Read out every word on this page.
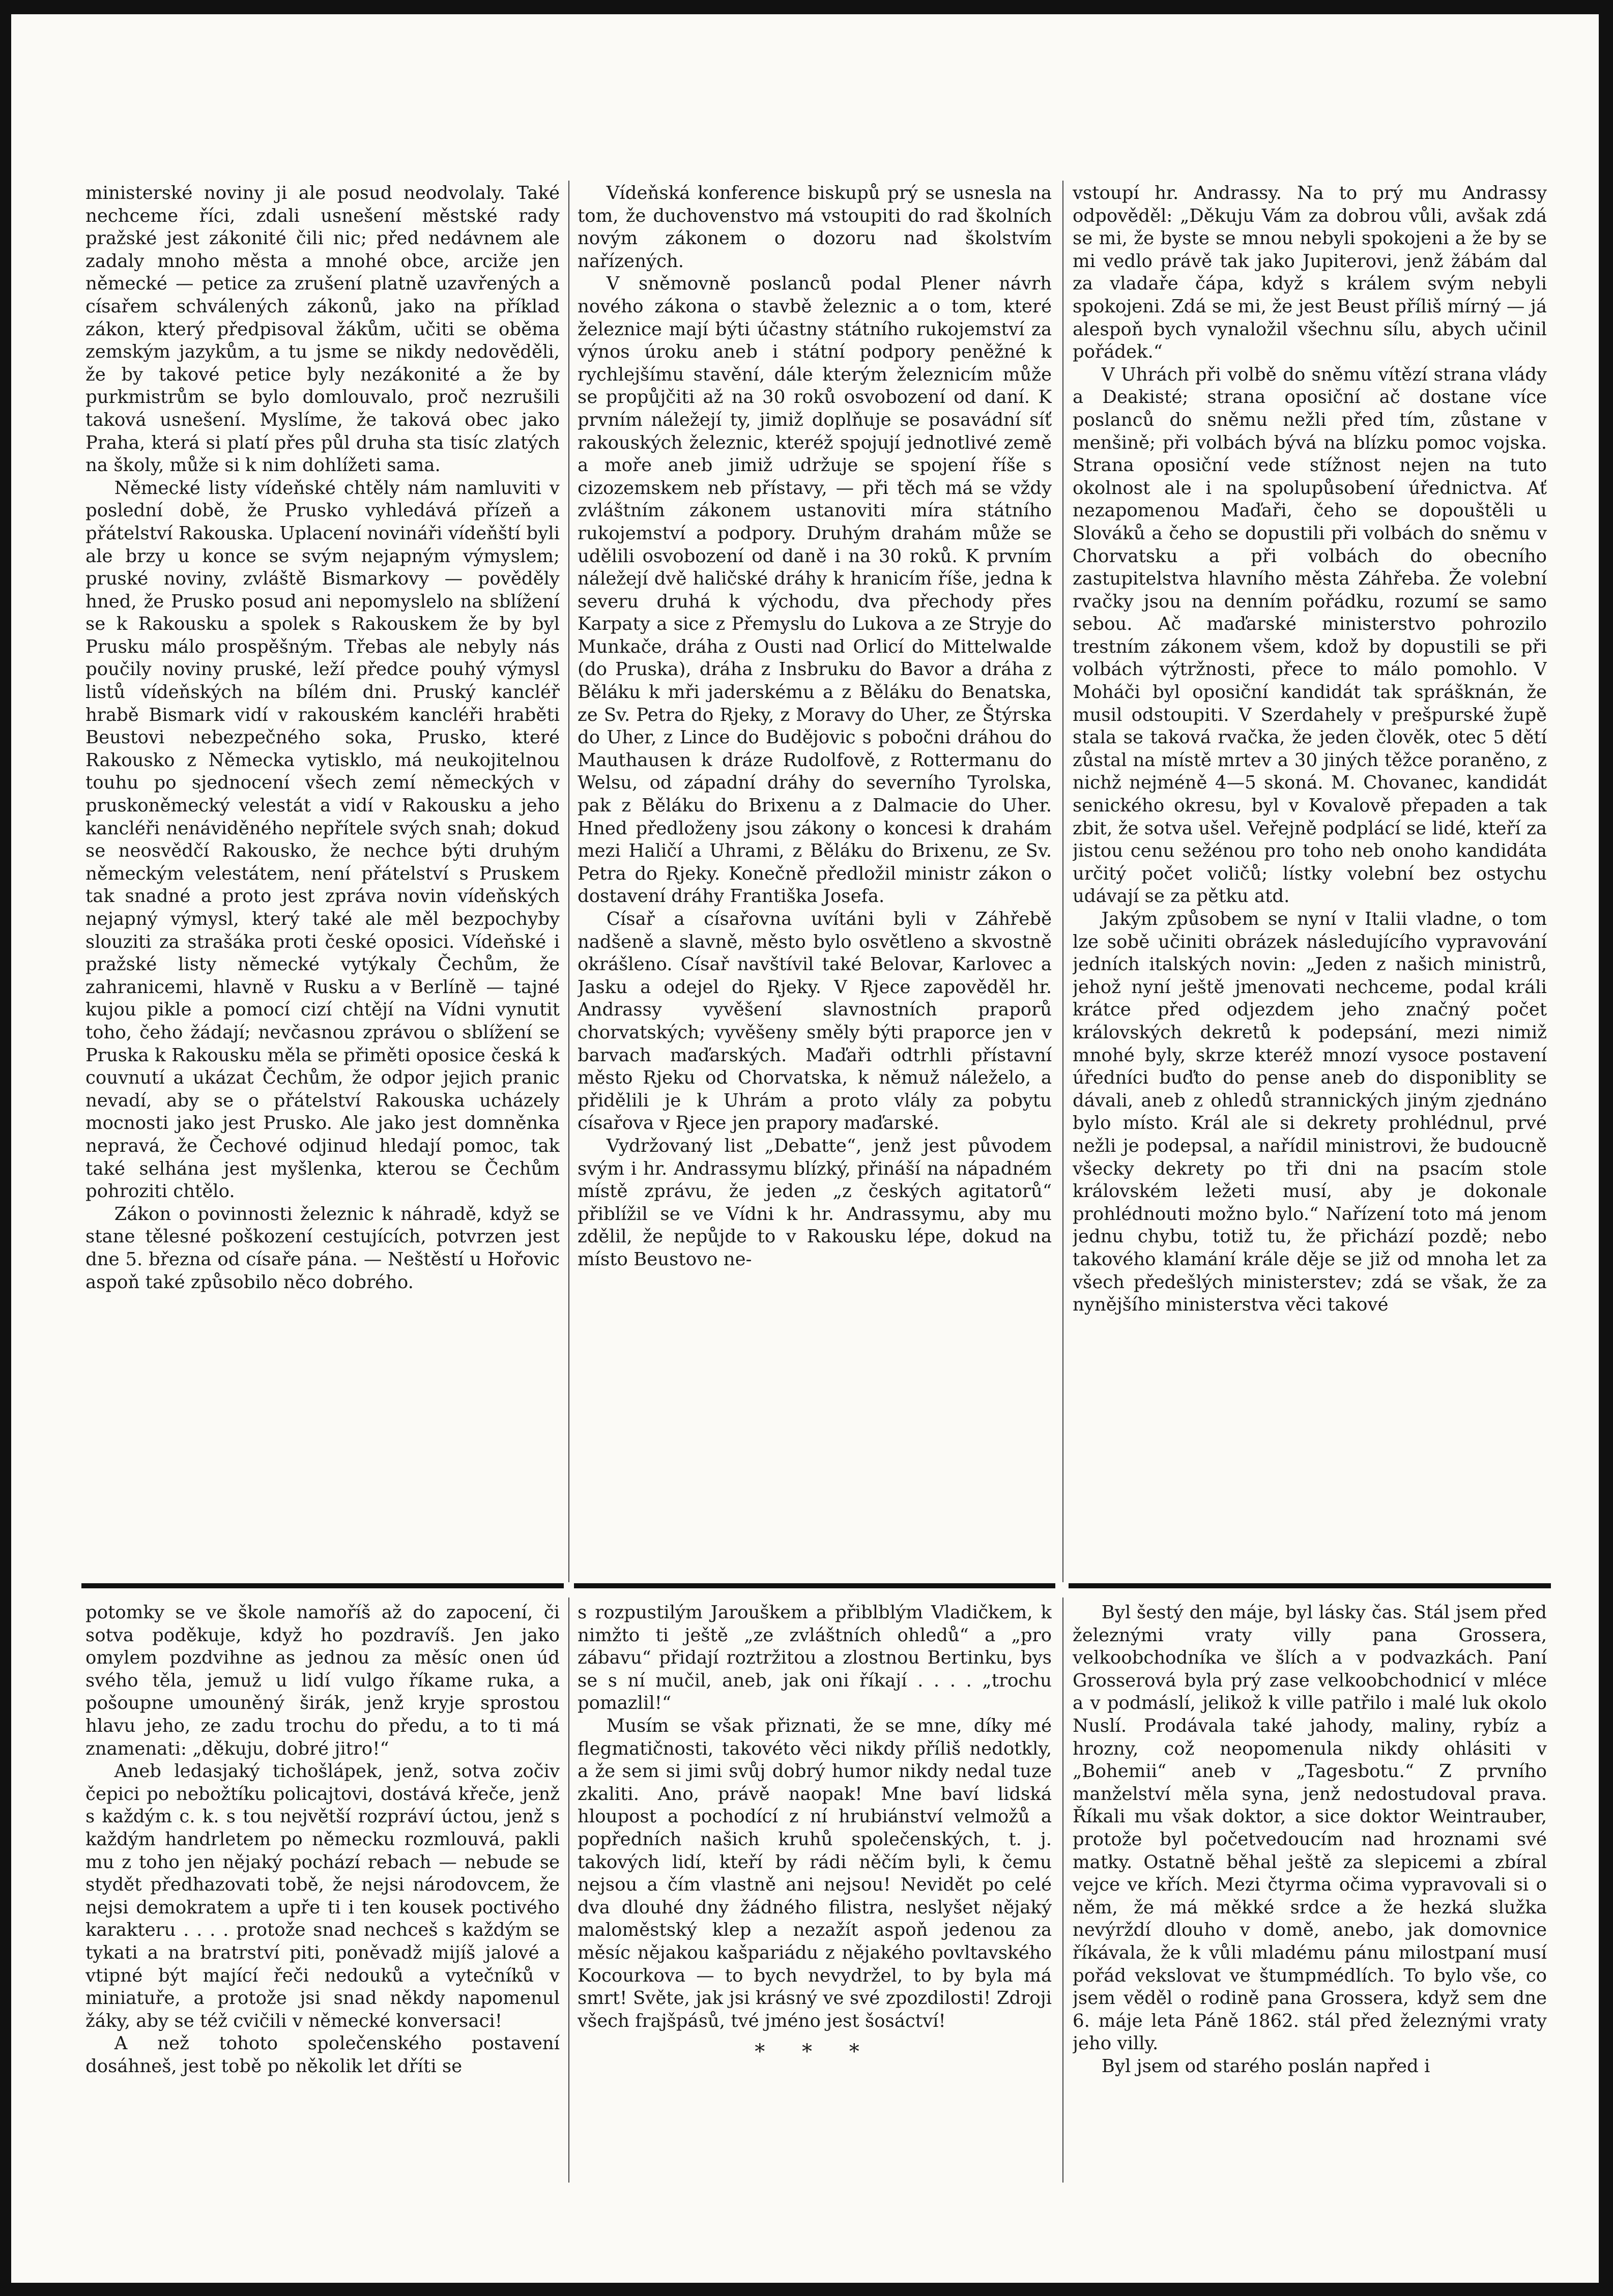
ministerské noviny ji ale posud neodvolaly. Také nechceme říci, zdali usnešení městské rady pražské jest zákonité čili nic; před nedávnem ale zadaly mnoho města a mnohé obce, arciže jen německé — petice za zrušení platně uzavřených a císařem schválených zákonů, jako na příklad zákon, který předpisoval žákům, učiti se oběma zemským jazykům, a tu jsme se nikdy nedověděli, že by takové petice byly nezákonité a že by purkmistrům se bylo domlouvalo, proč nezrušili taková usnešení. Myslíme, že taková obec jako Praha, která si platí přes půl druha sta tisíc zlatých na školy, může si k nim dohlížeti sama.

Německé listy vídeňské chtěly nám namluviti v poslední době, že Prusko vyhledává přízeň a přátelství Rakouska. Uplacení novináři vídeňští byli ale brzy u konce se svým nejapným výmyslem; pruské noviny, zvláště Bismarkovy — pověděly hned, že Prusko posud ani nepomyslelo na sblížení se k Rakousku a spolek s Rakouskem že by byl Prusku málo prospěšným. Třebas ale nebyly nás poučily noviny pruské, leží předce pouhý výmysl listů vídeňských na bílém dni. Pruský kancléř hrabě Bismark vidí v rakouském kancléři hraběti Beustovi nebezpečného soka, Prusko, které Rakousko z Německa vytisklo, má neukojitelnou touhu po sjednocení všech zemí německých v pruskoněmecký velestát a vidí v Rakousku a jeho kancléři nenáviděného nepřítele svých snah; dokud se neosvědčí Rakousko, že nechce býti druhým německým velestátem, není přátelství s Pruskem tak snadné a proto jest zpráva novin vídeňských nejapný výmysl, který také ale měl bezpochyby slouziti za strašáka proti české oposici. Vídeňské i pražské listy německé vytýkaly Čechům, že zahranicemi, hlavně v Rusku a v Berlíně — tajné kujou pikle a pomocí cizí chtějí na Vídni vynutit toho, čeho žádají; nevčasnou zprávou o sblížení se Pruska k Rakousku měla se přiměti oposice česká k couvnutí a ukázat Čechům, že odpor jejich pranic nevadí, aby se o přátelství Rakouska ucházely mocnosti jako jest Prusko. Ale jako jest domněnka nepravá, že Čechové odjinud hledají pomoc, tak také selhána jest myšlenka, kterou se Čechům pohroziti chtělo.

Zákon o povinnosti železnic k náhradě, když se stane tělesné poškození cestujících, potvrzen jest dne 5. března od císaře pána. — Neštěstí u Hořovic aspoň také způsobilo něco dobrého.

Vídeňská konference biskupů prý se usnesla na tom, že duchovenstvo má vstoupiti do rad školních novým zákonem o dozoru nad školstvím nařízených.

V sněmovně poslanců podal Plener návrh nového zákona o stavbě železnic a o tom, které železnice mají býti účastny státního rukojemství za výnos úroku aneb i státní podpory peněžné k rychlejšímu stavění, dále kterým železnicím může se propůjčiti až na 30 roků osvobození od daní. K prvním náležejí ty, jimiž doplňuje se posavádní síť rakouských železnic, kteréž spojují jednotlivé země a moře aneb jimiž udržuje se spojení říše s cizozemskem neb přístavy, — při těch má se vždy zvláštním zákonem ustanoviti míra státního rukojemství a podpory. Druhým drahám může se udělili osvobození od daně i na 30 roků. K prvním náležejí dvě haličské dráhy k hranicím říše, jedna k severu druhá k východu, dva přechody přes Karpaty a sice z Přemyslu do Lukova a ze Stryje do Munkače, dráha z Ousti nad Orlicí do Mittelwalde (do Pruska), dráha z Insbruku do Bavor a dráha z Běláku k mři jaderskému a z Běláku do Benatska, ze Sv. Petra do Rjeky, z Moravy do Uher, ze Štýrska do Uher, z Lince do Budějovic s pobočni dráhou do Mauthausen k dráze Rudolfově, z Rottermanu do Welsu, od západní dráhy do severního Tyrolska, pak z Běláku do Brixenu a z Dalmacie do Uher. Hned předloženy jsou zákony o koncesi k drahám mezi Haličí a Uhrami, z Běláku do Brixenu, ze Sv. Petra do Rjeky. Konečně předložil ministr zákon o dostavení dráhy Františka Josefa.

Císař a císařovna uvítáni byli v Záhřebě nadšeně a slavně, město bylo osvětleno a skvostně okrášleno. Císař navštívil také Belovar, Karlovec a Jasku a odejel do Rjeky. V Rjece zapověděl hr. Andrassy vyvěšení slavnostních praporů chorvatských; vyvěšeny směly býti praporce jen v barvach maďarských. Maďaři odtrhli přístavní město Rjeku od Chorvatska, k němuž náleželo, a přidělili je k Uhrám a proto vlály za pobytu císařova v Rjece jen prapory maďarské.

Vydržovaný list „Debatte“, jenž jest původem svým i hr. Andrassymu blízký, přináší na nápadném místě zprávu, že jeden „z českých agitatorů“ přiblížil se ve Vídni k hr. Andrassymu, aby mu zdělil, že nepůjde to v Rakousku lépe, dokud na místo Beustovo ne-

vstoupí hr. Andrassy. Na to prý mu Andrassy odpověděl: „Děkuju Vám za dobrou vůli, avšak zdá se mi, že byste se mnou nebyli spokojeni a že by se mi vedlo právě tak jako Jupiterovi, jenž žábám dal za vladaře čápa, když s králem svým nebyli spokojeni. Zdá se mi, že jest Beust příliš mírný — já alespoň bych vynaložil všechnu sílu, abych učinil pořádek.“

V Uhrách při volbě do sněmu vítězí strana vlády a Deakisté; strana oposiční ač dostane více poslanců do sněmu nežli před tím, zůstane v menšině; při volbách bývá na blízku pomoc vojska. Strana oposiční vede stížnost nejen na tuto okolnost ale i na spolupůsobení úřednictva. Ať nezapomenou Maďaři, čeho se dopouštěli u Slováků a čeho se dopustili při volbách do sněmu v Chorvatsku a při volbách do obecního zastupitelstva hlavního města Záhřeba. Že volební rvačky jsou na denním pořádku, rozumí se samo sebou. Ač maďarské ministerstvo pohrozilo trestním zákonem všem, kdož by dopustili se při volbách výtržnosti, přece to málo pomohlo. V Moháči byl oposiční kandidát tak sprášknán, že musil odstoupiti. V Szerdahely v prešpurské župě stala se taková rvačka, že jeden člověk, otec 5 dětí zůstal na místě mrtev a 30 jiných těžce poraněno, z nichž nejméně 4—5 skoná. M. Chovanec, kandidát senického okresu, byl v Kovalově přepaden a tak zbit, že sotva ušel. Veřejně podplácí se lidé, kteří za jistou cenu sežénou pro toho neb onoho kandidáta určitý počet voličů; lístky volební bez ostychu udávají se za pětku atd.

Jakým způsobem se nyní v Italii vladne, o tom lze sobě učiniti obrázek následujícího vypravování jedních italských novin: „Jeden z našich ministrů, jehož nyní ještě jmenovati nechceme, podal králi krátce před odjezdem jeho značný počet královských dekretů k podepsání, mezi nimiž mnohé byly, skrze kteréž mnozí vysoce postavení úředníci buďto do pense aneb do disponiblity se dávali, aneb z ohledů strannických jiným zjednáno bylo místo. Král ale si dekrety prohlédnul, prvé nežli je podepsal, a nařídil ministrovi, že budoucně všecky dekrety po tři dni na psacím stole královském ležeti musí, aby je dokonale prohlédnouti možno bylo.“ Nařízení toto má jenom jednu chybu, totiž tu, že přichází pozdě; nebo takového klamání krále děje se již od mnoha let za všech předešlých ministerstev; zdá se však, že za nynějšího ministerstva věci takové

potomky se ve škole namoříš až do zapocení, či sotva poděkuje, když ho pozdravíš. Jen jako omylem pozdvihne as jednou za měsíc onen úd svého těla, jemuž u lidí vulgo říkame ruka, a pošoupne umouněný širák, jenž kryje sprostou hlavu jeho, ze zadu trochu do předu, a to ti má znamenati: „děkuju, dobré jitro!“

Aneb ledasjaký tichošlápek, jenž, sotva zočiv čepici po nebožtíku policajtovi, dostává křeče, jenž s každým c. k. s tou největší rozpráví úctou, jenž s každým handrletem po německu rozmlouvá, pakli mu z toho jen nějaký pochází rebach — nebude se stydět předhazovati tobě, že nejsi národovcem, že nejsi demokratem a upře ti i ten kousek poctivého karakteru . . . . protože snad nechceš s každým se tykati a na bratrství piti, poněvadž mijíš jalové a vtipné být mající řeči nedouků a vytečníků v miniatuře, a protože jsi snad někdy napomenul žáky, aby se též cvičili v německé konversaci!

A než tohoto společenského postavení dosáhneš, jest tobě po několik let dříti se

s rozpustilým Jarouškem a přiblblým Vladičkem, k nimžto ti ještě „ze zvláštních ohledů“ a „pro zábavu“ přidají roztržitou a zlostnou Bertinku, bys se s ní mučil, aneb, jak oni říkají . . . . „trochu pomazlil!“

Musím se však přiznati, že se mne, díky mé flegmatičnosti, takovéto věci nikdy příliš nedotkly, a že sem si jimi svůj dobrý humor nikdy nedal tuze zkaliti. Ano, právě naopak! Mne baví lidská hloupost a pochodící z ní hrubiánství velmožů a popředních našich kruhů společenských, t. j. takových lidí, kteří by rádi něčím byli, k čemu nejsou a čím vlastně ani nejsou! Nevidět po celé dva dlouhé dny žádného filistra, neslyšet nějaký maloměstský klep a nezažít aspoň jedenou za měsíc nějakou kašpariádu z nějakého povltavského Kocourkova — to bych nevydržel, to by byla má smrt! Světe, jak jsi krásný ve své zpozdilosti! Zdroji všech frajšpásů, tvé jméno jest šosáctví!

* * *

Byl šestý den máje, byl lásky čas. Stál jsem před železnými vraty villy pana Grossera, velkoobchodníka ve šlích a v podvazkách. Paní Grosserová byla prý zase velkoobchodnicí v mléce a v podmáslí, jelikož k ville patřilo i malé luk okolo Nuslí. Prodávala také jahody, maliny, rybíz a hrozny, což neopomenula nikdy ohlásiti v „Bohemii“ aneb v „Tagesbotu.“ Z prvního manželství měla syna, jenž nedostudoval prava. Říkali mu však doktor, a sice doktor Weintrauber, protože byl početvedoucím nad hroznami své matky. Ostatně běhal ještě za slepicemi a zbíral vejce ve křích. Mezi čtyrma očima vypravovali si o něm, že má měkké srdce a že hezká služka nevýrždí dlouho v domě, anebo, jak domovnice říkávala, že k vůli mladému pánu milostpaní musí pořád vekslovat ve štumpmédlích. To bylo vše, co jsem věděl o rodině pana Grossera, když sem dne 6. máje leta Páně 1862. stál před železnými vraty jeho villy.

Byl jsem od starého poslán napřed i
